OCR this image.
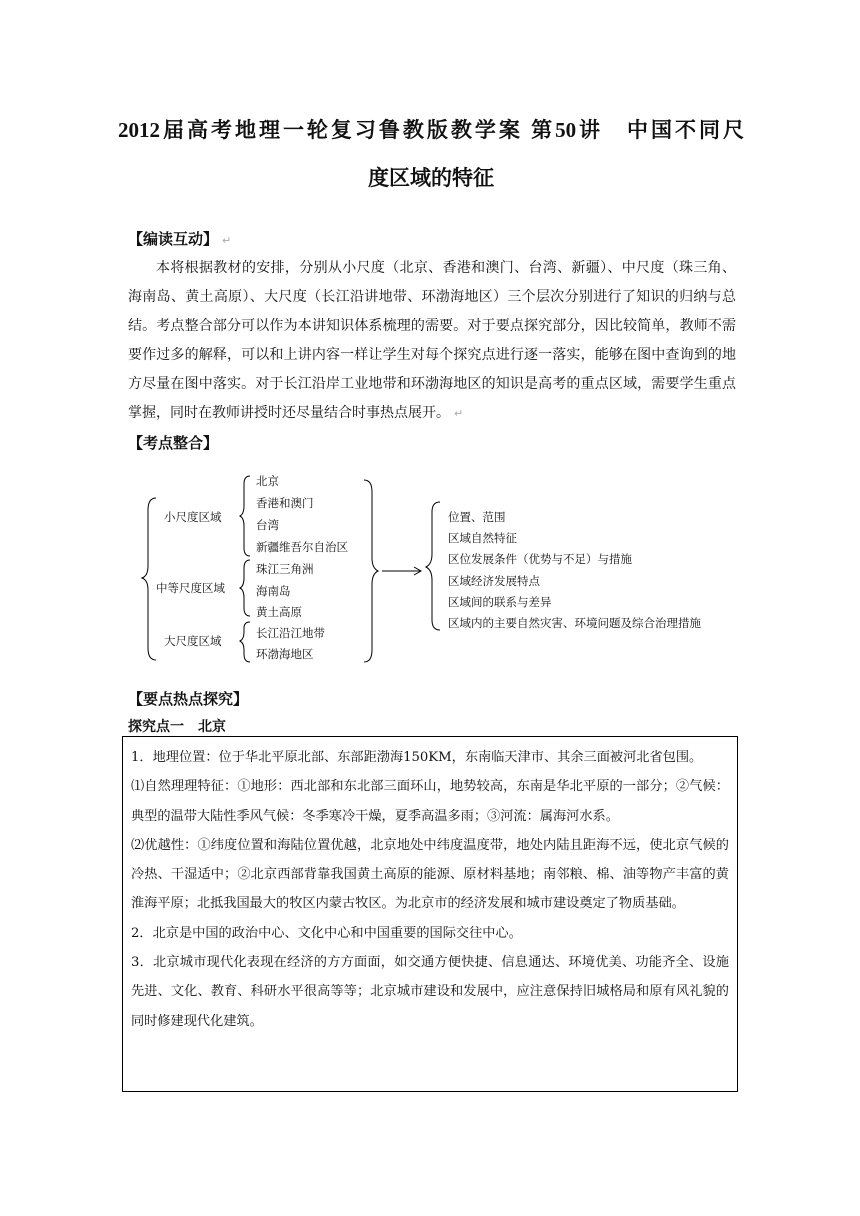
2012届高考地理一轮复习鲁教版教学案 第50讲　中国不同尺
度区域的特征
【编读互动】 ↵

本将根据教材的安排，分别从小尺度（北京、香港和澳门、台湾、新疆）、中尺度（珠三角、海南岛、黄土高原）、大尺度（长江沿讲地带、环渤海地区）三个层次分别进行了知识的归纳与总结。考点整合部分可以作为本讲知识体系梳理的需要。对于要点探究部分，因比较简单，教师不需要作过多的解释，可以和上讲内容一样让学生对每个探究点进行逐一落实，能够在图中查询到的地方尽量在图中落实。对于长江沿岸工业地带和环渤海地区的知识是高考的重点区域，需要学生重点掌握，同时在教师讲授时还尽量结合时事热点展开。 ↵

【考点整合】
小尺度区域
中等尺度区域
大尺度区域
北京
香港和澳门
台湾
新疆维吾尔自治区
珠江三角洲
海南岛
黄土高原
长江沿江地带
环渤海地区
位置、范围
区域自然特征
区位发展条件（优势与不足）与措施
区域经济发展特点
区域间的联系与差异
区域内的主要自然灾害、环境问题及综合治理措施
【要点热点探究】
探究点一　北京

1．地理位置：位于华北平原北部、东部距渤海150KM，东南临天津市、其余三面被河北省包围。

⑴自然理理特征：①地形：西北部和东北部三面环山，地势较高，东南是华北平原的一部分；②气候：典型的温带大陆性季风气候：冬季寒冷干燥，夏季高温多雨；③河流：属海河水系。

⑵优越性：①纬度位置和海陆位置优越，北京地处中纬度温度带，地处内陆且距海不远，使北京气候的冷热、干湿适中；②北京西部背靠我国黄土高原的能源、原材料基地；南邻粮、棉、油等物产丰富的黄淮海平原；北抵我国最大的牧区内蒙古牧区。为北京市的经济发展和城市建设奠定了物质基础。

2．北京是中国的政治中心、文化中心和中国重要的国际交往中心。

3．北京城市现代化表现在经济的方方面面，如交通方便快捷、信息通达、环境优美、功能齐全、设施先进、文化、教育、科研水平很高等等；北京城市建设和发展中，应注意保持旧城格局和原有风礼貌的同时修建现代化建筑。
